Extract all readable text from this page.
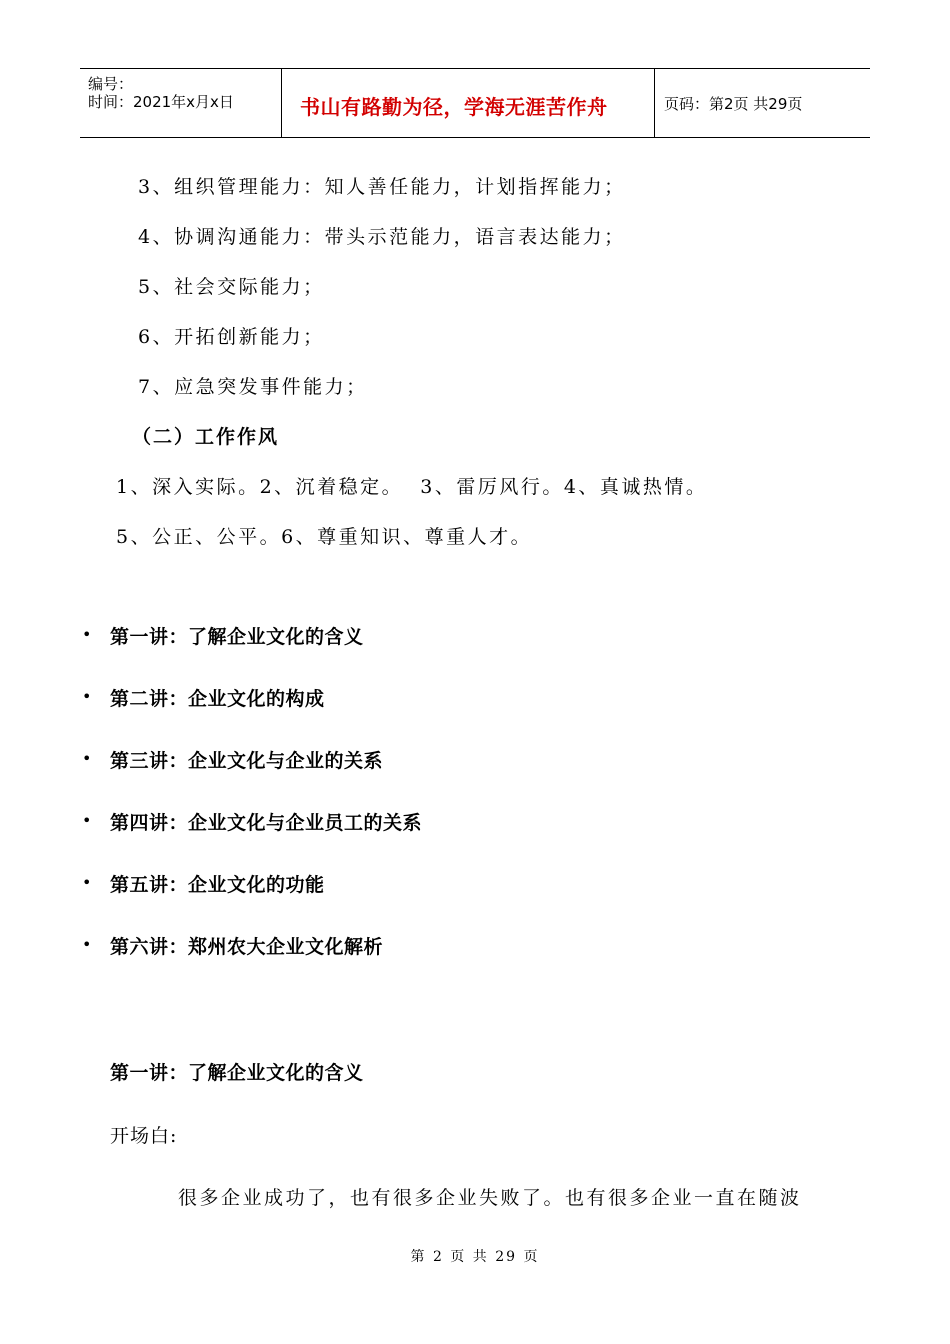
编号：
时间：2021年x月x日	书山有路勤为径，学海无涯苦作舟	页码：第2页 共29页
3、组织管理能力：知人善任能力，计划指挥能力；
4、协调沟通能力：带头示范能力，语言表达能力；
5、社会交际能力；
6、开拓创新能力；
7、应急突发事件能力；
（二）工作作风
1、深入实际。2、沉着稳定。  3、雷厉风行。4、真诚热情。
5、公正、公平。6、尊重知识、尊重人才。
• 第一讲：了解企业文化的含义
• 第二讲：企业文化的构成
• 第三讲：企业文化与企业的关系
• 第四讲：企业文化与企业员工的关系
• 第五讲：企业文化的功能
• 第六讲：郑州农大企业文化解析
第一讲：了解企业文化的含义
开场白:
很多企业成功了，也有很多企业失败了。也有很多企业一直在随波
第 2 页 共 29 页
